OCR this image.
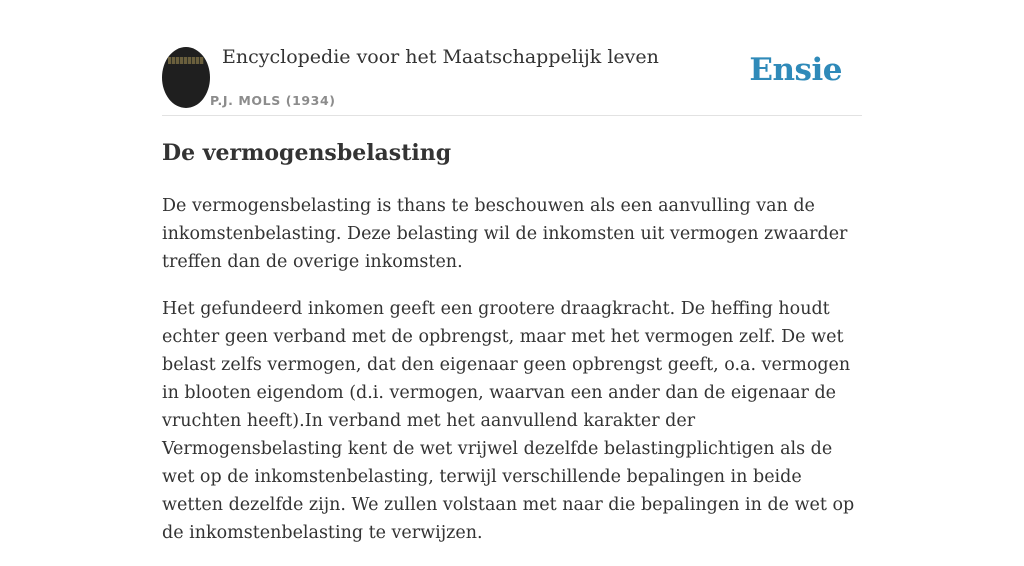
Encyclopedie voor het Maatschappelijk leven
P.J. MOLS (1934)
Ensie
De vermogensbelasting

De vermogensbelasting is thans te beschouwen als een aanvulling van de inkomstenbelasting. Deze belasting wil de inkomsten uit vermogen zwaarder treffen dan de overige inkomsten.

Het gefundeerd inkomen geeft een grootere draagkracht. De heffing houdt echter geen verband met de opbrengst, maar met het vermogen zelf. De wet belast zelfs vermogen, dat den eigenaar geen opbrengst geeft, o.a. vermogen in blooten eigendom (d.i. vermogen, waarvan een ander dan de eigenaar de vruchten heeft).In verband met het aanvullend karakter der Vermogensbelasting kent de wet vrijwel dezelfde belastingplichtigen als de wet op de inkomstenbelasting, terwijl verschillende bepalingen in beide wetten dezelfde zijn. We zullen volstaan met naar die bepalingen in de wet op de inkomstenbelasting te verwijzen.
